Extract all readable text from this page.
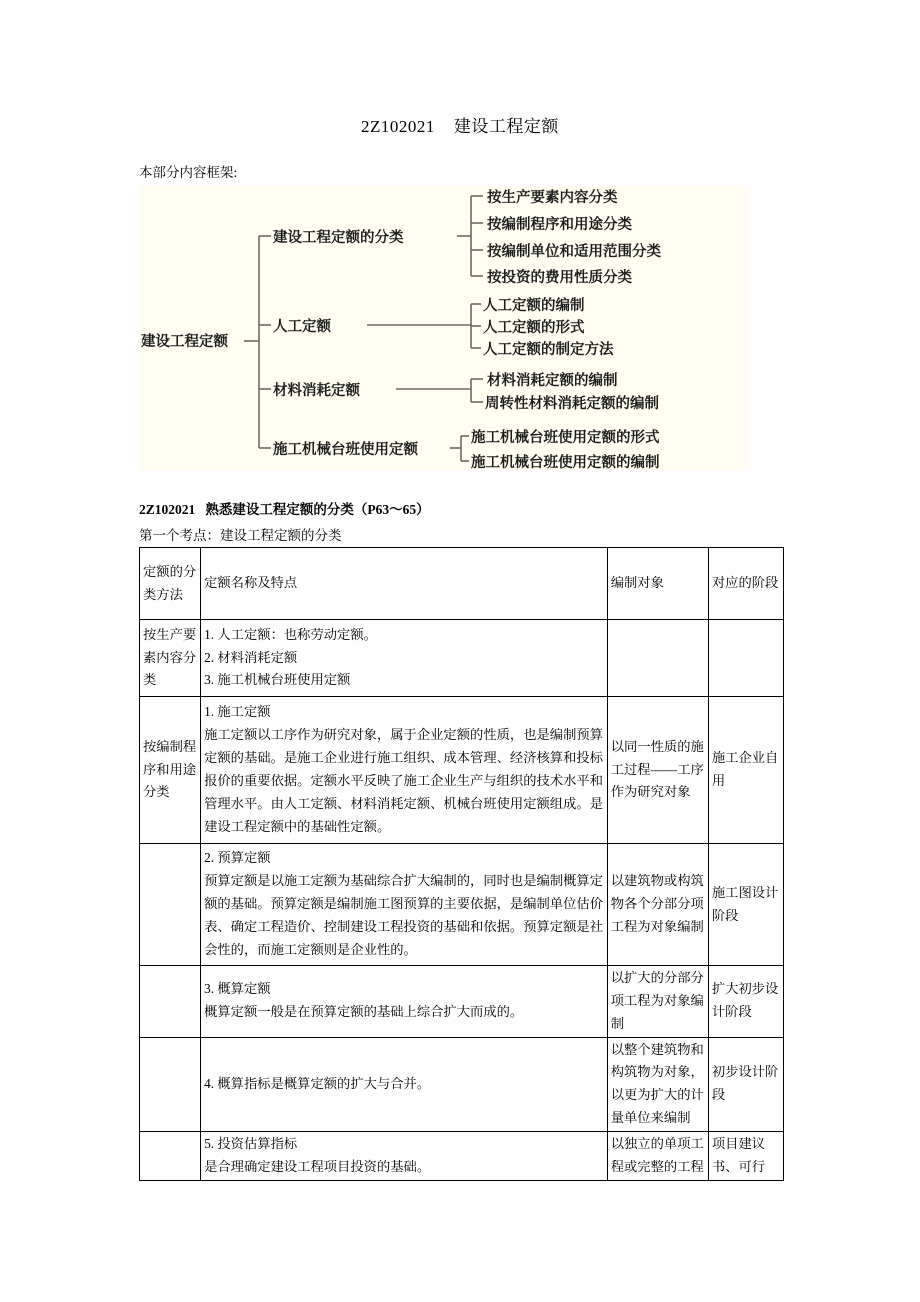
2Z102021    建设工程定额
本部分内容框架:
建设工程定额
建设工程定额的分类
按生产要素内容分类
按编制程序和用途分类
按编制单位和适用范围分类
按投资的费用性质分类
人工定额
人工定额的编制
人工定额的形式
人工定额的制定方法
材料消耗定额
材料消耗定额的编制
周转性材料消耗定额的编制
施工机械台班使用定额
施工机械台班使用定额的形式
施工机械台班使用定额的编制
2Z102021   熟悉建设工程定额的分类（P63～65）
第一个考点：建设工程定额的分类
定额的分类方法	定额名称及特点	编制对象	对应的阶段
按生产要素内容分类	1. 人工定额：也称劳动定额。
2. 材料消耗定额
3. 施工机械台班使用定额		

按编制程序和用途分类	1. 施工定额
施工定额以工序作为研究对象，属于企业定额的性质，也是编制预算定额的基础。是施工企业进行施工组织、成本管理、经济核算和投标报价的重要依据。定额水平反映了施工企业生产与组织的技术水平和管理水平。由人工定额、材料消耗定额、机械台班使用定额组成。是建设工程定额中的基础性定额。	以同一性质的施工过程——工序作为研究对象	施工企业自用

	2. 预算定额
预算定额是以施工定额为基础综合扩大编制的，同时也是编制概算定额的基础。预算定额是编制施工图预算的主要依据，是编制单位估价表、确定工程造价、控制建设工程投资的基础和依据。预算定额是社会性的，而施工定额则是企业性的。	以建筑物或构筑物各个分部分项工程为对象编制	施工图设计阶段

	3. 概算定额
概算定额一般是在预算定额的基础上综合扩大而成的。	以扩大的分部分项工程为对象编制	扩大初步设计阶段

	4. 概算指标是概算定额的扩大与合并。	以整个建筑物和构筑物为对象，以更为扩大的计量单位来编制	初步设计阶段

	5. 投资估算指标
是合理确定建设工程项目投资的基础。	以独立的单项工程或完整的工程	项目建议书、可行
